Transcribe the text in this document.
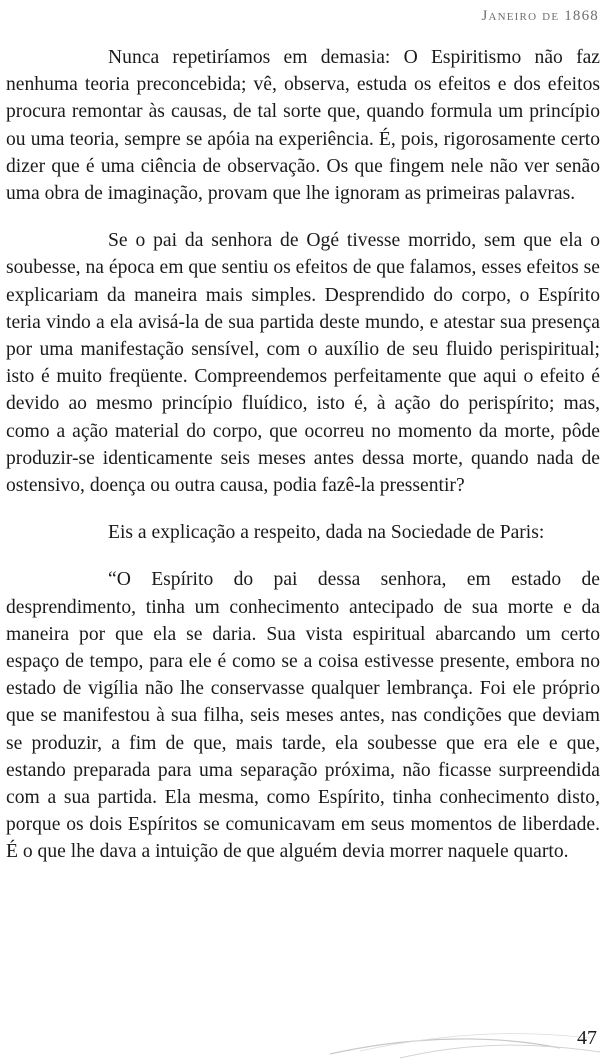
Janeiro de 1868

Nunca repetiríamos em demasia: O Espiritismo não faz nenhuma teoria preconcebida; vê, observa, estuda os efeitos e dos efeitos procura remontar às causas, de tal sorte que, quando formula um princípio ou uma teoria, sempre se apóia na experiência. É, pois, rigorosamente certo dizer que é uma ciência de observação. Os que fingem nele não ver senão uma obra de imaginação, provam que lhe ignoram as primeiras palavras.

Se o pai da senhora de Ogé tivesse morrido, sem que ela o soubesse, na época em que sentiu os efeitos de que falamos, esses efeitos se explicariam da maneira mais simples. Desprendido do corpo, o Espírito teria vindo a ela avisá-la de sua partida deste mundo, e atestar sua presença por uma manifestação sensível, com o auxílio de seu fluido perispiritual; isto é muito freqüente. Compreendemos perfeitamente que aqui o efeito é devido ao mesmo princípio fluídico, isto é, à ação do perispírito; mas, como a ação material do corpo, que ocorreu no momento da morte, pôde produzir-se identicamente seis meses antes dessa morte, quando nada de ostensivo, doença ou outra causa, podia fazê-la pressentir?

Eis a explicação a respeito, dada na Sociedade de Paris:

“O Espírito do pai dessa senhora, em estado de desprendimento, tinha um conhecimento antecipado de sua morte e da maneira por que ela se daria. Sua vista espiritual abarcando um certo espaço de tempo, para ele é como se a coisa estivesse presente, embora no estado de vigília não lhe conservasse qualquer lembrança. Foi ele próprio que se manifestou à sua filha, seis meses antes, nas condições que deviam se produzir, a fim de que, mais tarde, ela soubesse que era ele e que, estando preparada para uma separação próxima, não ficasse surpreendida com a sua partida. Ela mesma, como Espírito, tinha conhecimento disto, porque os dois Espíritos se comunicavam em seus momentos de liberdade. É o que lhe dava a intuição de que alguém devia morrer naquele quarto.

47
